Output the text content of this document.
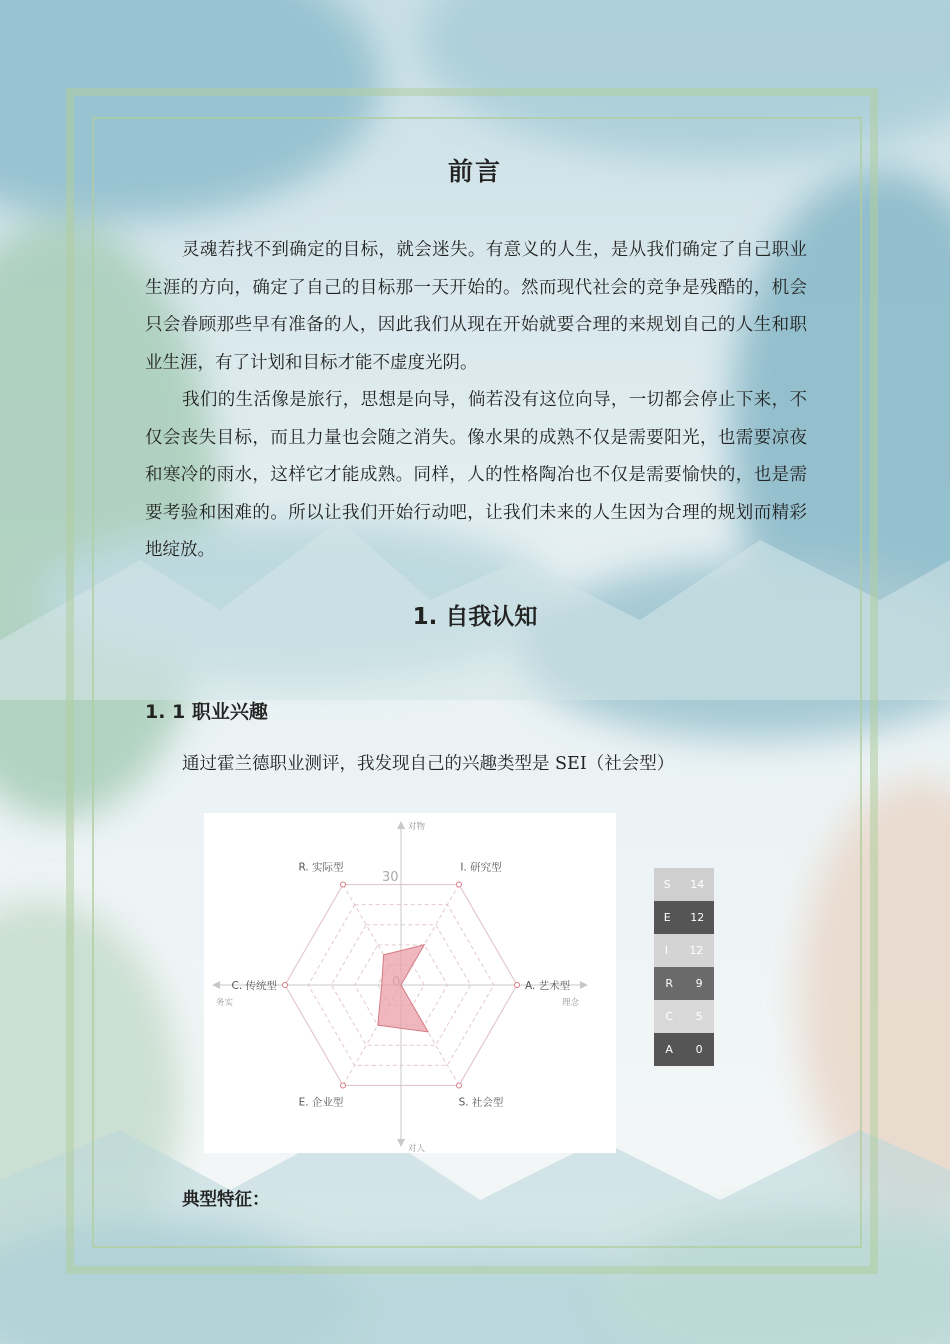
前言

灵魂若找不到确定的目标，就会迷失。有意义的人生，是从我们确定了自己职业生涯的方向，确定了自己的目标那一天开始的。然而现代社会的竞争是残酷的，机会只会眷顾那些早有准备的人，因此我们从现在开始就要合理的来规划自己的人生和职业生涯，有了计划和目标才能不虚度光阴。

我们的生活像是旅行，思想是向导，倘若没有这位向导，一切都会停止下来，不仅会丧失目标，而且力量也会随之消失。像水果的成熟不仅是需要阳光，也需要凉夜和寒冷的雨水，这样它才能成熟。同样，人的性格陶冶也不仅是需要愉快的，也是需要考验和困难的。所以让我们开始行动吧，让我们未来的人生因为合理的规划而精彩地绽放。

1. 自我认知
1. 1 职业兴趣
通过霍兰德职业测评，我发现自己的兴趣类型是 SEI（社会型）
对物
对人
务实	理念
30
R. 实际型	I. 研究型
A. 艺术型
S. 社会型
E. 企业型
C. 传统型
S 14
E 12
I 12
R 9
C 5
A 0
典型特征：
